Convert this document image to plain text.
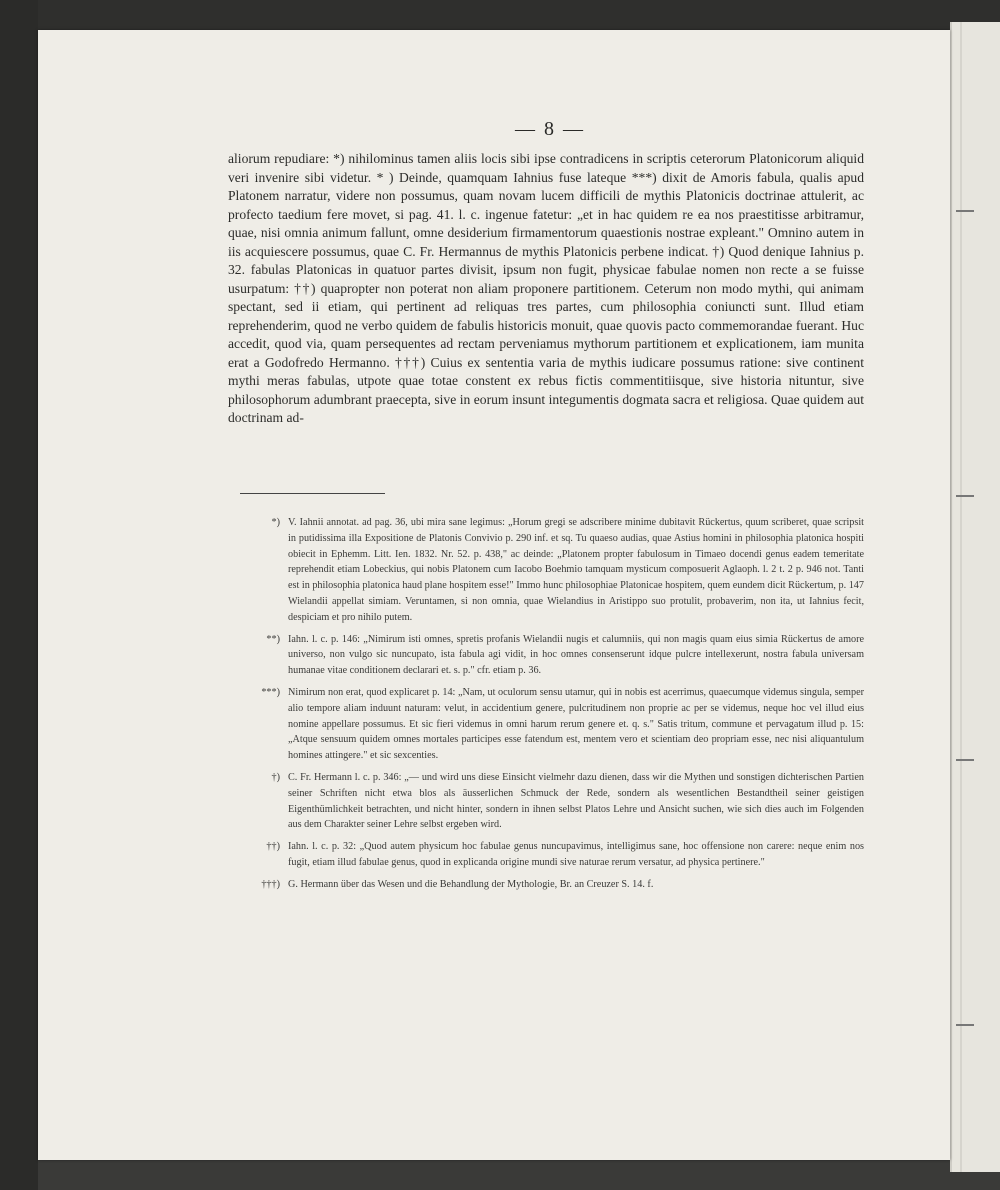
— 8 —

aliorum repudiare: *) nihilominus tamen aliis locis sibi ipse contradicens in scriptis ceterorum Platonicorum aliquid veri invenire sibi videtur. * ) Deinde, quamquam Iahnius fuse lateque ***) dixit de Amoris fabula, qualis apud Platonem narratur, videre non possumus, quam novam lucem difficili de mythis Platonicis doctrinae attulerit, ac profecto taedium fere movet, si pag. 41. l. c. ingenue fatetur: „et in hac quidem re ea nos praestitisse arbitramur, quae, nisi omnia animum fallunt, omne desiderium firmamentorum quaestionis nostrae expleant." Omnino autem in iis acquiescere possumus, quae C. Fr. Hermannus de mythis Platonicis perbene indicat. †) Quod denique Iahnius p. 32. fabulas Platonicas in quatuor partes divisit, ipsum non fugit, physicae fabulae nomen non recte a se fuisse usurpatum: ††) quapropter non poterat non aliam proponere partitionem. Ceterum non modo mythi, qui animam spectant, sed ii etiam, qui pertinent ad reliquas tres partes, cum philosophia coniuncti sunt. Illud etiam reprehenderim, quod ne verbo quidem de fabulis historicis monuit, quae quovis pacto commemorandae fuerant. Huc accedit, quod via, quam persequentes ad rectam perveniamus mythorum partitionem et explicationem, iam munita erat a Godofredo Hermanno. †††) Cuius ex sententia varia de mythis iudicare possumus ratione: sive continent mythi meras fabulas, utpote quae totae constent ex rebus fictis commentitiisque, sive historia nituntur, sive philosophorum adumbrant praecepta, sive in eorum insunt integumentis dogmata sacra et religiosa. Quae quidem aut doctrinam ad-

*) V. Iahnii annotat. ad pag. 36, ubi mira sane legimus: „Horum gregi se adscribere minime dubitavit Rückertus, quum scriberet, quae scripsit in putidissima illa Expositione de Platonis Convivio p. 290 inf. et sq. Tu quaeso audias, quae Astius homini in philosophia platonica hospiti obiecit in Ephemm. Litt. Ien. 1832. Nr. 52. p. 438," ac deinde: „Platonem propter fabulosum in Timaeo docendi genus eadem temeritate reprehendit etiam Lobeckius, qui nobis Platonem cum Iacobo Boehmio tamquam mysticum composuerit Aglaoph. l. 2 t. 2 p. 946 not. Tanti est in philosophia platonica haud plane hospitem esse!" Immo hunc philosophiae Platonicae hospitem, quem eundem dicit Rückertum, p. 147 Wielandii appellat simiam. Veruntamen, si non omnia, quae Wielandius in Aristippo suo protulit, probaverim, non ita, ut Iahnius fecit, despiciam et pro nihilo putem.
**) Iahn. l. c. p. 146: „Nimirum isti omnes, spretis profanis Wielandii nugis et calumniis, qui non magis quam eius simia Rückertus de amore universo, non vulgo sic nuncupato, ista fabula agi vidit, in hoc omnes consenserunt idque pulcre intellexerunt, nostra fabula universam humanae vitae conditionem declarari et. s. p." cfr. etiam p. 36.
***) Nimirum non erat, quod explicaret p. 14: „Nam, ut oculorum sensu utamur, qui in nobis est acerrimus, quaecumque videmus singula, semper alio tempore aliam induunt naturam: velut, in accidentium genere, pulcritudinem non proprie ac per se videmus, neque hoc vel illud eius nomine appellare possumus. Et sic fieri videmus in omni harum rerum genere et. q. s." Satis tritum, commune et pervagatum illud p. 15: „Atque sensuum quidem omnes mortales participes esse fatendum est, mentem vero et scientiam deo propriam esse, nec nisi aliquantulum homines attingere." et sic sexcenties.
†) C. Fr. Hermann l. c. p. 346: „— und wird uns diese Einsicht vielmehr dazu dienen, dass wir die Mythen und sonstigen dichterischen Partien seiner Schriften nicht etwa blos als äusserlichen Schmuck der Rede, sondern als wesentlichen Bestandtheil seiner geistigen Eigenthümlichkeit betrachten, und nicht hinter, sondern in ihnen selbst Platos Lehre und Ansicht suchen, wie sich dies auch im Folgenden aus dem Charakter seiner Lehre selbst ergeben wird.
††) Iahn. l. c. p. 32: „Quod autem physicum hoc fabulae genus nuncupavimus, intelligimus sane, hoc offensione non carere: neque enim nos fugit, etiam illud fabulae genus, quod in explicanda origine mundi sive naturae rerum versatur, ad physica pertinere."
†††) G. Hermann über das Wesen und die Behandlung der Mythologie, Br. an Creuzer S. 14. f.
